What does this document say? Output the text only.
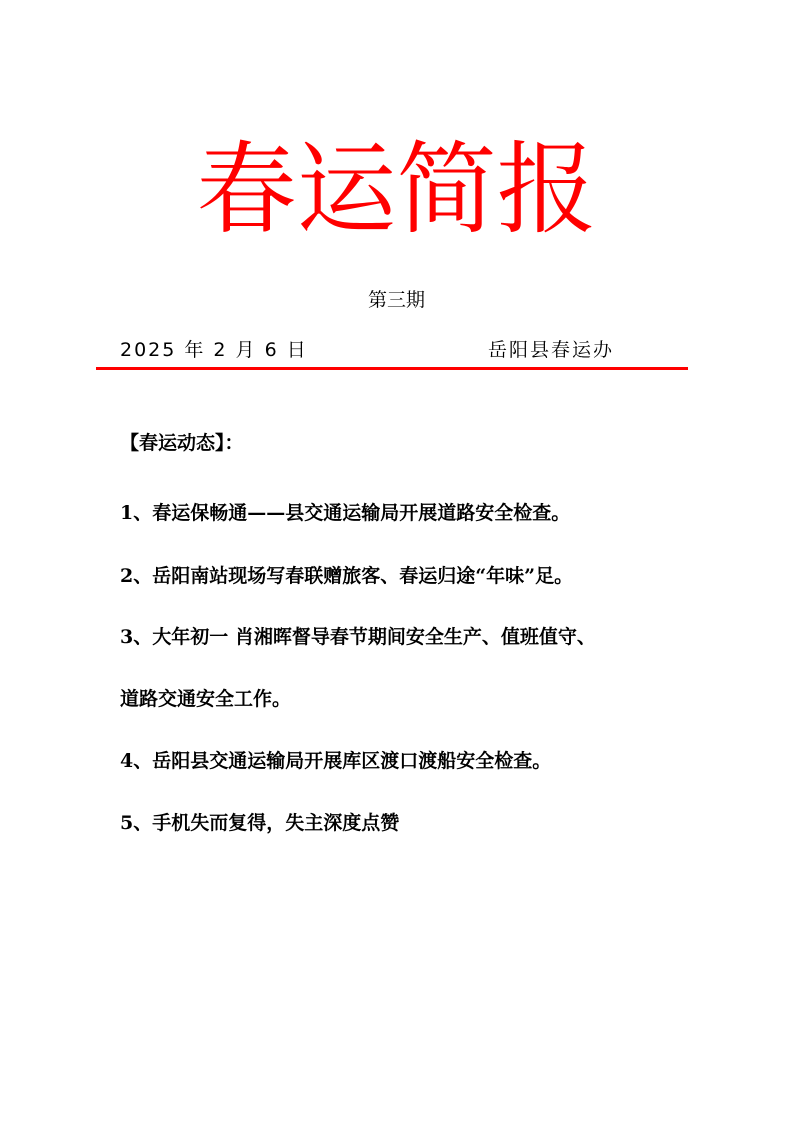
春运简报
第三期
2025 年 2 月 6 日	岳阳县春运办
【春运动态】：
1、春运保畅通——县交通运输局开展道路安全检查。
2、岳阳南站现场写春联赠旅客、春运归途“年味”足。
3、大年初一 肖湘晖督导春节期间安全生产、值班值守、
道路交通安全工作。
4、岳阳县交通运输局开展库区渡口渡船安全检查。
5、手机失而复得，失主深度点赞
